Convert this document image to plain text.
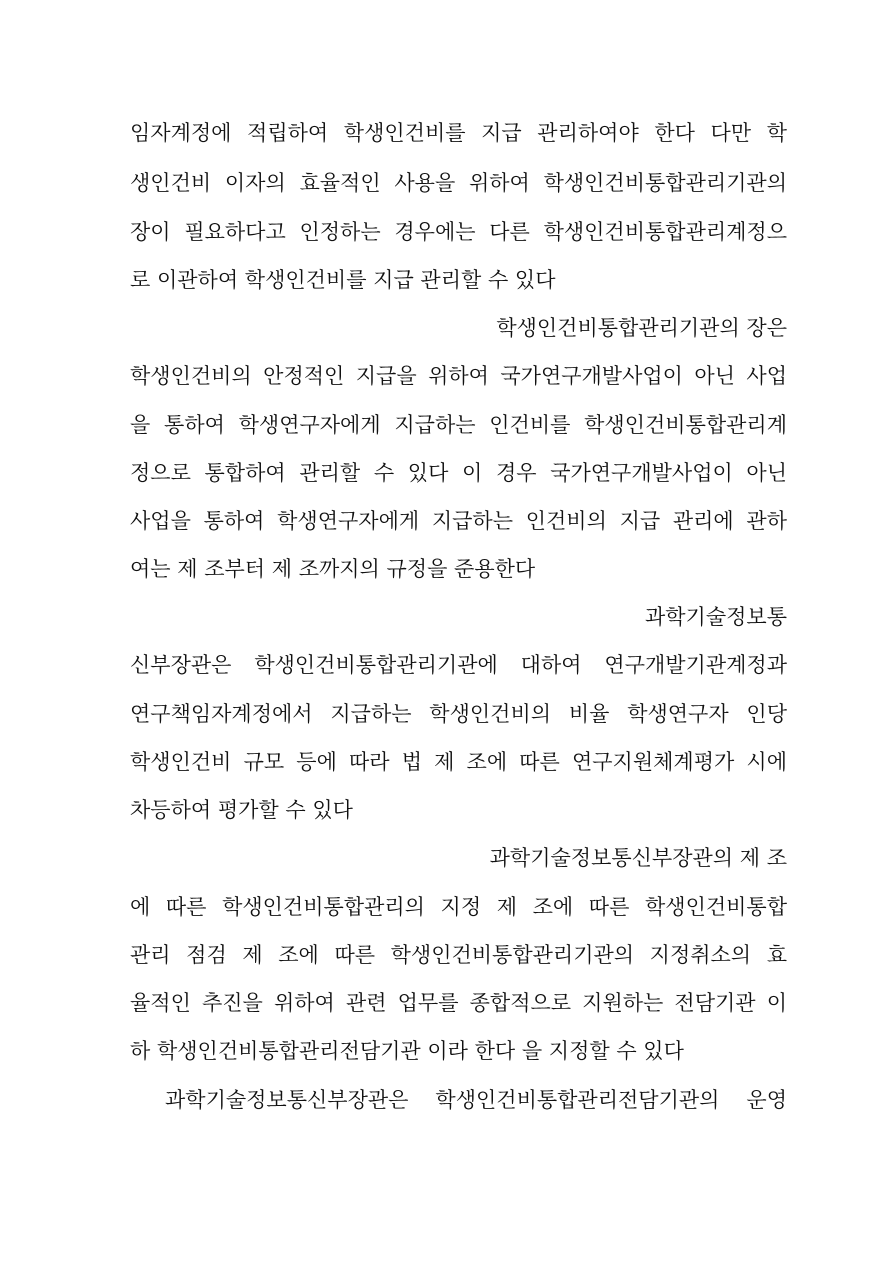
임자계정에 적립하여 학생인건비를 지급 관리하여야 한다 다만 학
생인건비 이자의 효율적인 사용을 위하여 학생인건비통합관리기관의
장이 필요하다고 인정하는 경우에는 다른 학생인건비통합관리계정으
로 이관하여 학생인건비를 지급 관리할 수 있다
학생인건비통합관리기관의 장은
학생인건비의 안정적인 지급을 위하여 국가연구개발사업이 아닌 사업
을 통하여 학생연구자에게 지급하는 인건비를 학생인건비통합관리계
정으로 통합하여 관리할 수 있다 이 경우 국가연구개발사업이 아닌
사업을 통하여 학생연구자에게 지급하는 인건비의 지급 관리에 관하
여는 제 조부터 제 조까지의 규정을 준용한다
과학기술정보통
신부장관은 학생인건비통합관리기관에 대하여 연구개발기관계정과
연구책임자계정에서 지급하는 학생인건비의 비율 학생연구자 인당
학생인건비 규모 등에 따라 법 제 조에 따른 연구지원체계평가 시에
차등하여 평가할 수 있다
과학기술정보통신부장관의 제 조
에 따른 학생인건비통합관리의 지정 제 조에 따른 학생인건비통합
관리 점검 제 조에 따른 학생인건비통합관리기관의 지정취소의 효
율적인 추진을 위하여 관련 업무를 종합적으로 지원하는 전담기관 이
하 학생인건비통합관리전담기관 이라 한다 을 지정할 수 있다
과학기술정보통신부장관은 학생인건비통합관리전담기관의 운영
